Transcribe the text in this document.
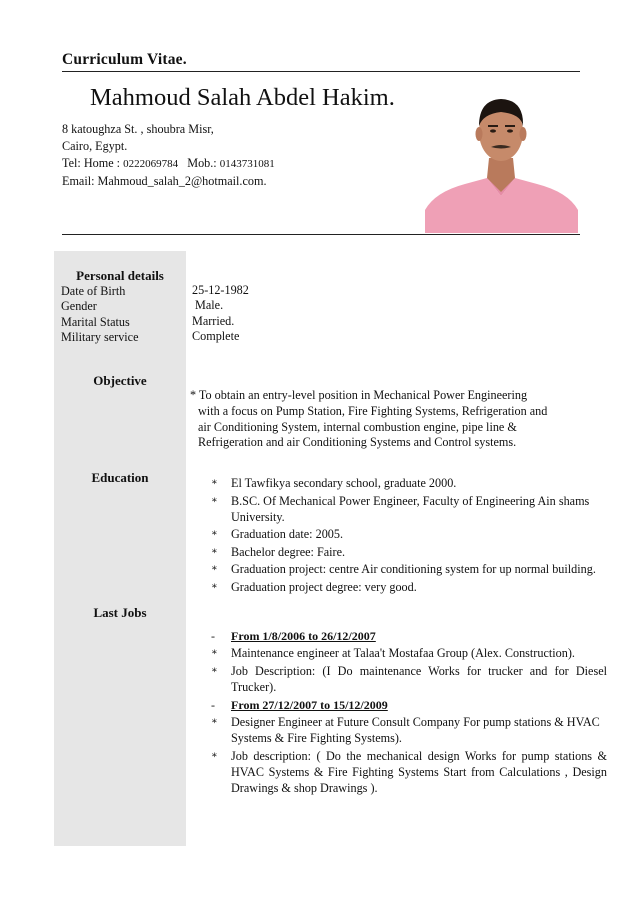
Curriculum Vitae.
Mahmoud Salah Abdel Hakim.
8 katoughza St. , shoubra Misr,
Cairo, Egypt.
Tel: Home : 0222069784 Mob.: 0143731081
Email: Mahmoud_salah_2@hotmail.com.
Personal details
Date of Birth
Gender
Marital Status
Military service
25-12-1982
Male.
Married.
Complete
Objective
* To obtain an entry-level position in Mechanical Power Engineering
with a focus on Pump Station, Fire Fighting Systems, Refrigeration and
air Conditioning System, internal combustion engine, pipe line &
Refrigeration and air Conditioning Systems and Control systems.
Education	∗ El Tawfikya secondary school, graduate 2000.
∗ B.SC. Of Mechanical Power Engineer, Faculty of Engineering Ain shams University.
∗ Graduation date: 2005.
∗ Bachelor degree: Faire.
∗ Graduation project: centre Air conditioning system for up normal building.
∗ Graduation project degree: very good.
Last Jobs
- From 1/8/2006 to 26/12/2007
∗ Maintenance engineer at Talaa't Mostafaa Group (Alex. Construction).
∗ Job Description: (I Do maintenance Works for trucker and for Diesel Trucker).
- From 27/12/2007 to 15/12/2009
∗ Designer Engineer at Future Consult Company For pump stations & HVAC Systems & Fire Fighting Systems).
∗ Job description: ( Do the mechanical design Works for pump stations & HVAC Systems & Fire Fighting Systems Start from Calculations , Design Drawings & shop Drawings ).
